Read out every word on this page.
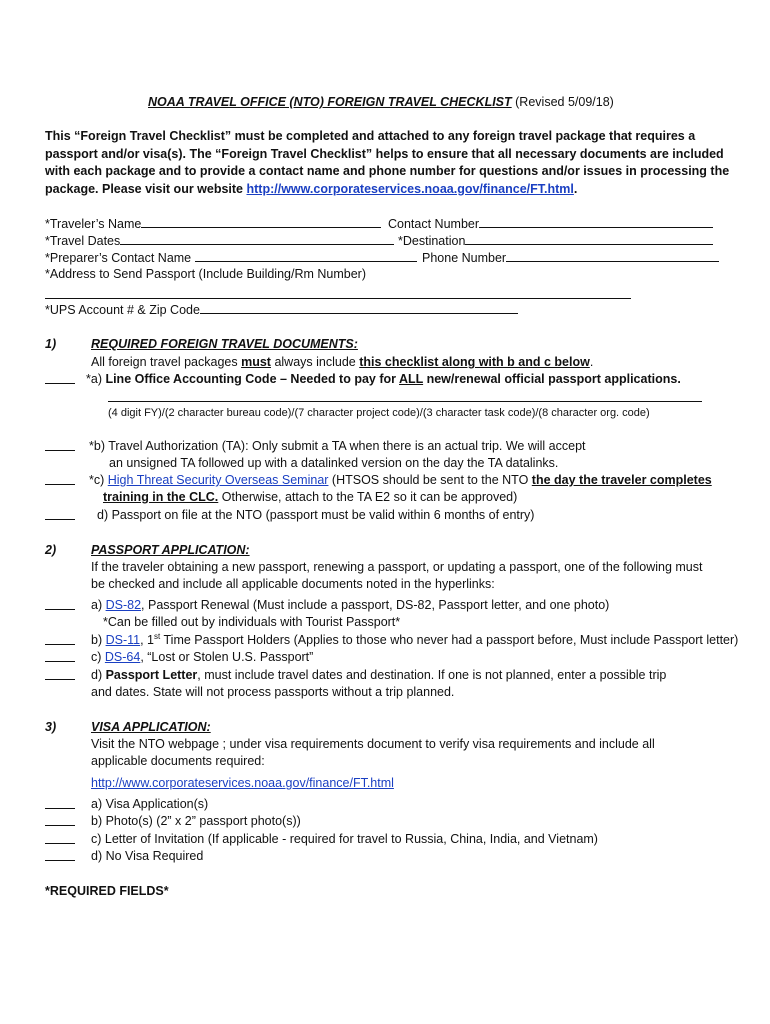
NOAA TRAVEL OFFICE (NTO) FOREIGN TRAVEL CHECKLIST (Revised 5/09/18)
This “Foreign Travel Checklist” must be completed and attached to any foreign travel package that requires a passport and/or visa(s). The “Foreign Travel Checklist” helps to ensure that all necessary documents are included with each package and to provide a contact name and phone number for questions and/or issues in processing the package. Please visit our website http://www.corporateservices.noaa.gov/finance/FT.html.
*Traveler’s Name	Contact Number
*Travel Dates	*Destination
*Preparer’s Contact Name	Phone Number
*Address to Send Passport (Include Building/Rm Number)
*UPS Account # & Zip Code
1)	REQUIRED FOREIGN TRAVEL DOCUMENTS:
All foreign travel packages must always include this checklist along with b and c below.
*a) Line Office Accounting Code – Needed to pay for ALL new/renewal official passport applications.
(4 digit FY)/(2 character bureau code)/(7 character project code)/(3 character task code)/(8 character org. code)
*b) Travel Authorization (TA): Only submit a TA when there is an actual trip. We will accept
an unsigned TA followed up with a datalinked version on the day the TA datalinks.
*c) High Threat Security Overseas Seminar (HTSOS should be sent to the NTO the day the traveler completes
training in the CLC. Otherwise, attach to the TA E2 so it can be approved)
d) Passport on file at the NTO (passport must be valid within 6 months of entry)
2)	PASSPORT APPLICATION:
If the traveler obtaining a new passport, renewing a passport, or updating a passport, one of the following must
be checked and include all applicable documents noted in the hyperlinks:
a) DS-82, Passport Renewal (Must include a passport, DS-82, Passport letter, and one photo)
*Can be filled out by individuals with Tourist Passport*
b) DS-11, 1st Time Passport Holders (Applies to those who never had a passport before, Must include Passport letter)
c) DS-64, “Lost or Stolen U.S. Passport”
d) Passport Letter, must include travel dates and destination. If one is not planned, enter a possible trip
and dates. State will not process passports without a trip planned.
3)	VISA APPLICATION:
Visit the NTO webpage ; under visa requirements document to verify visa requirements and include all
applicable documents required:
http://www.corporateservices.noaa.gov/finance/FT.html
a) Visa Application(s)
b) Photo(s) (2” x 2” passport photo(s))
c) Letter of Invitation (If applicable - required for travel to Russia, China, India, and Vietnam)
d) No Visa Required
*REQUIRED FIELDS*
